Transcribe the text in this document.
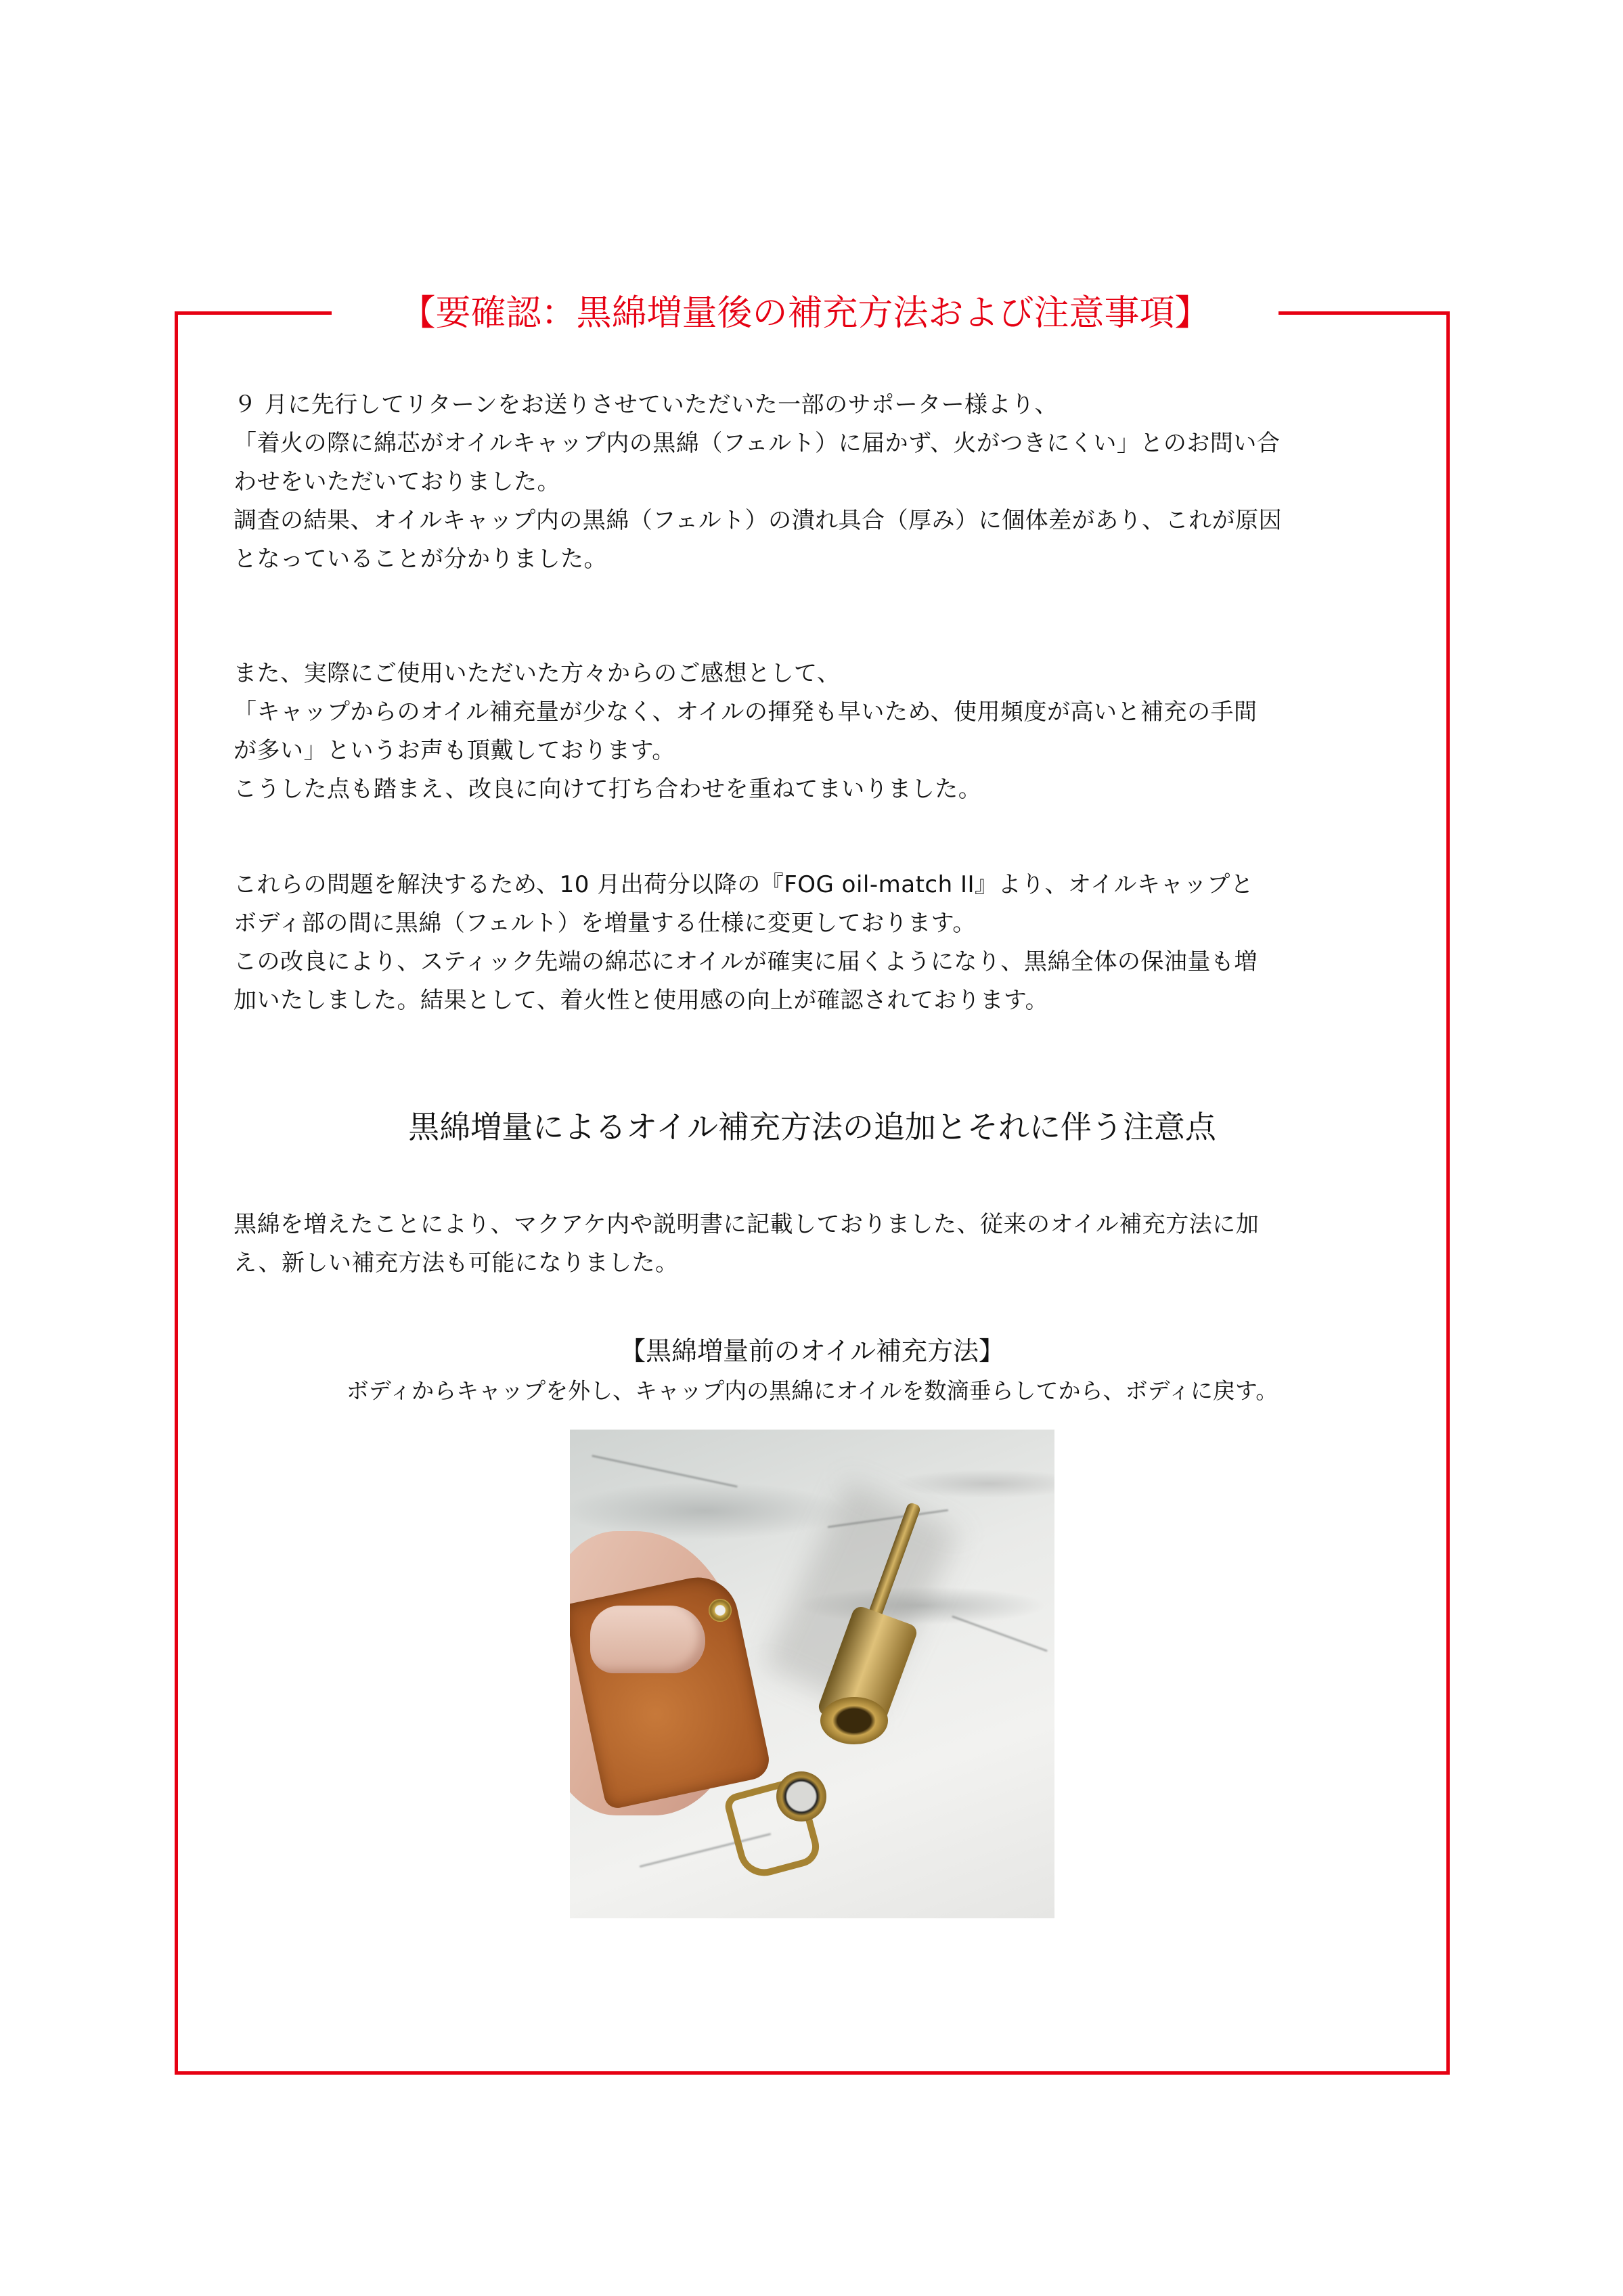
【要確認：黒綿増量後の補充方法および注意事項】
９ 月に先行してリターンをお送りさせていただいた一部のサポーター様より、
「着火の際に綿芯がオイルキャップ内の黒綿（フェルト）に届かず、火がつきにくい」とのお問い合
わせをいただいておりました。
調査の結果、オイルキャップ内の黒綿（フェルト）の潰れ具合（厚み）に個体差があり、これが原因
となっていることが分かりました。
また、実際にご使用いただいた方々からのご感想として、
「キャップからのオイル補充量が少なく、オイルの揮発も早いため、使用頻度が高いと補充の手間
が多い」というお声も頂戴しております。
こうした点も踏まえ、改良に向けて打ち合わせを重ねてまいりました。
これらの問題を解決するため、10 月出荷分以降の『FOG oil-match II』より、オイルキャップと
ボディ部の間に黒綿（フェルト）を増量する仕様に変更しております。
この改良により、スティック先端の綿芯にオイルが確実に届くようになり、黒綿全体の保油量も増
加いたしました。結果として、着火性と使用感の向上が確認されております。
黒綿増量によるオイル補充方法の追加とそれに伴う注意点
黒綿を増えたことにより、マクアケ内や説明書に記載しておりました、従来のオイル補充方法に加
え、新しい補充方法も可能になりました。
【黒綿増量前のオイル補充方法】
ボディからキャップを外し、キャップ内の黒綿にオイルを数滴垂らしてから、ボディに戻す。
